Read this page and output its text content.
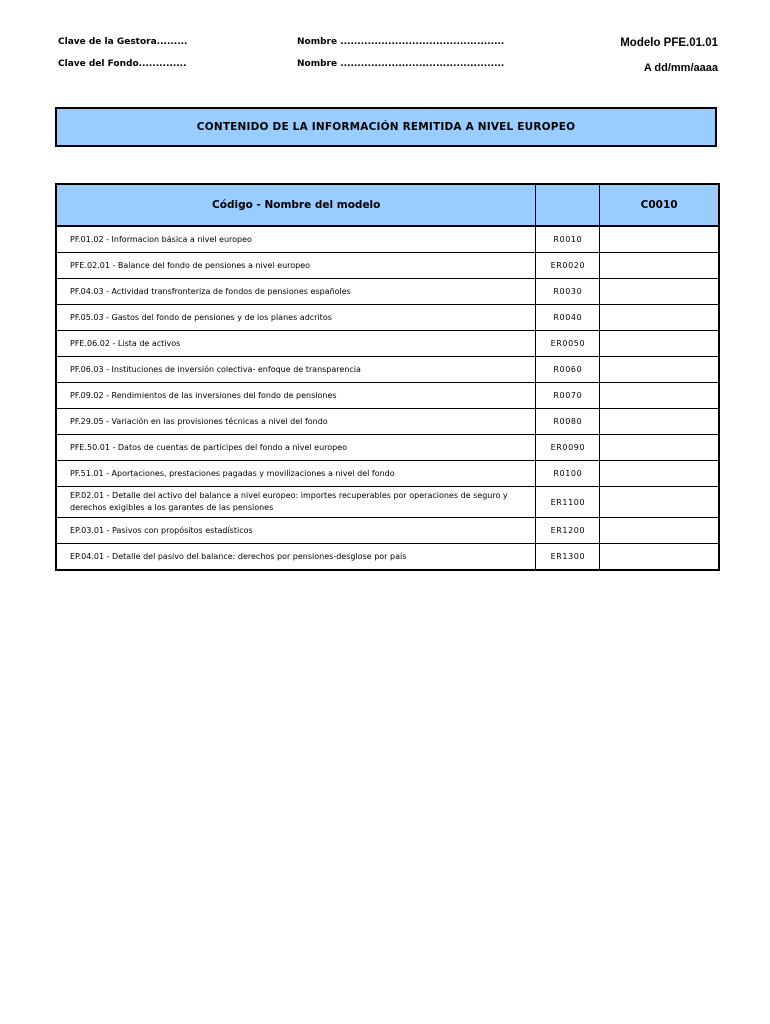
Clave de la Gestora.........
Clave del Fondo..............
Nombre ................................................
Nombre ................................................
Modelo PFE.01.01
A dd/mm/aaaa
CONTENIDO DE LA INFORMACIÓN REMITIDA A NIVEL EUROPEO
Código - Nombre del modelo		C0010
PF.01.02 - Informacion básica a nivel europeo	R0010	
PFE.02.01 - Balance del fondo de pensiones a nivel europeo	ER0020	
PF.04.03 - Actividad transfronteriza de fondos de pensiones españoles	R0030	
PF.05.03 - Gastos del fondo de pensiones y de los planes adcritos	R0040	
PFE.06.02 - Lista de activos	ER0050	
PF.06.03 - Instituciones de inversión colectiva- enfoque de transparencia	R0060	
PF.09.02 - Rendimientos de las inversiones del fondo de pensiones	R0070	
PF.29.05 - Variación en las provisiones técnicas a nivel del fondo	R0080	
PFE.50.01 - Datos de cuentas de partícipes del fondo a nivel europeo	ER0090	
PF.51.01 - Aportaciones, prestaciones pagadas y movilizaciones a nivel del fondo	R0100	
EP.02.01 - Detalle del activo del balance a nivel europeo: importes recuperables por operaciones de seguro y derechos exigibles a los garantes de las pensiones	ER1100	
EP.03.01 - Pasivos con propósitos estadísticos	ER1200	
EP.04.01 - Detalle del pasivo del balance: derechos por pensiones-desglose por país	ER1300	
